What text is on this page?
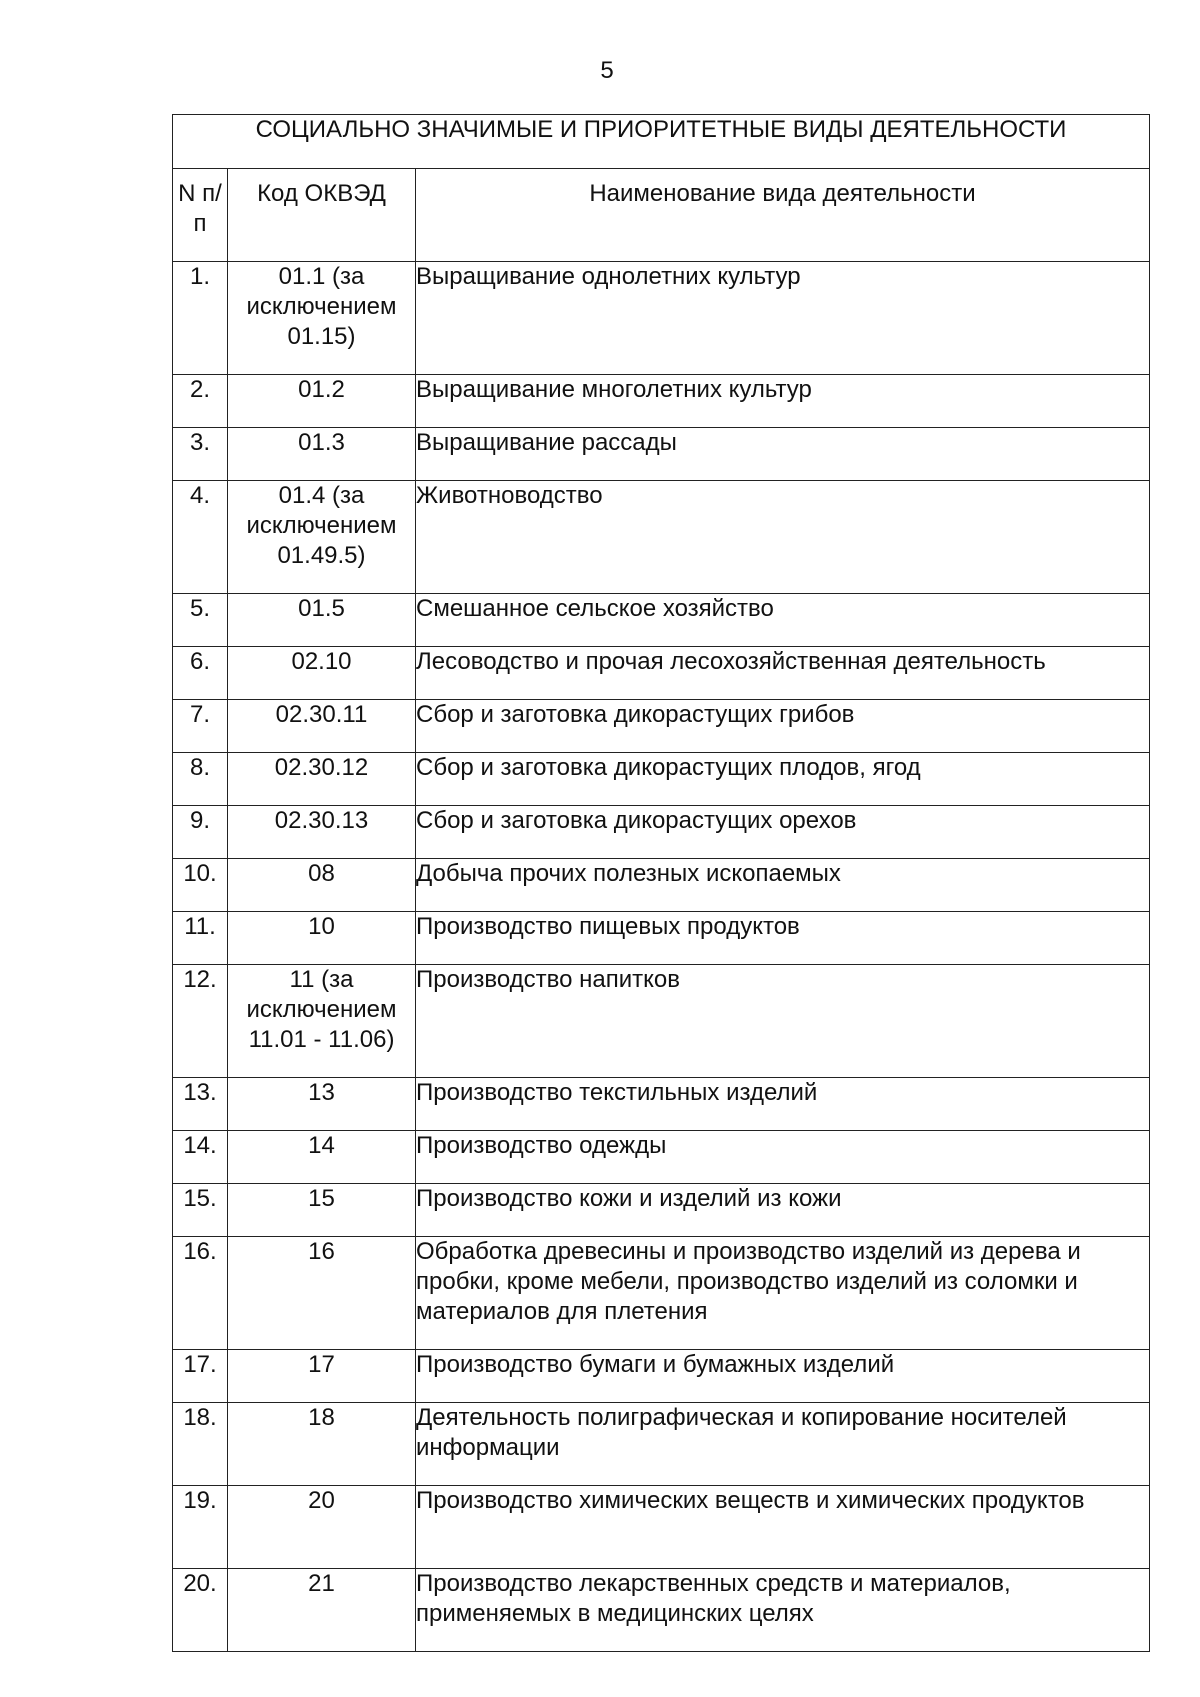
5
СОЦИАЛЬНО ЗНАЧИМЫЕ И ПРИОРИТЕТНЫЕ ВИДЫ ДЕЯТЕЛЬНОСТИ		
N п/п	Код ОКВЭД	Наименование вида деятельности
1.	01.1 (за исключением 01.15)	Выращивание однолетних культур
2.	01.2	Выращивание многолетних культур
3.	01.3	Выращивание рассады
4.	01.4 (за исключением 01.49.5)	Животноводство
5.	01.5	Смешанное сельское хозяйство
6.	02.10	Лесоводство и прочая лесохозяйственная деятельность
7.	02.30.11	Сбор и заготовка дикорастущих грибов
8.	02.30.12	Сбор и заготовка дикорастущих плодов, ягод
9.	02.30.13	Сбор и заготовка дикорастущих орехов
10.	08	Добыча прочих полезных ископаемых
11.	10	Производство пищевых продуктов
12.	11 (за исключением 11.01 - 11.06)	Производство напитков
13.	13	Производство текстильных изделий
14.	14	Производство одежды
15.	15	Производство кожи и изделий из кожи
16.	16	Обработка древесины и производство изделий из дерева и пробки, кроме мебели, производство изделий из соломки и материалов для плетения
17.	17	Производство бумаги и бумажных изделий
18.	18	Деятельность полиграфическая и копирование носителей информации
19.	20	Производство химических веществ и химических продуктов
20.	21	Производство лекарственных средств и материалов, применяемых в медицинских целях
